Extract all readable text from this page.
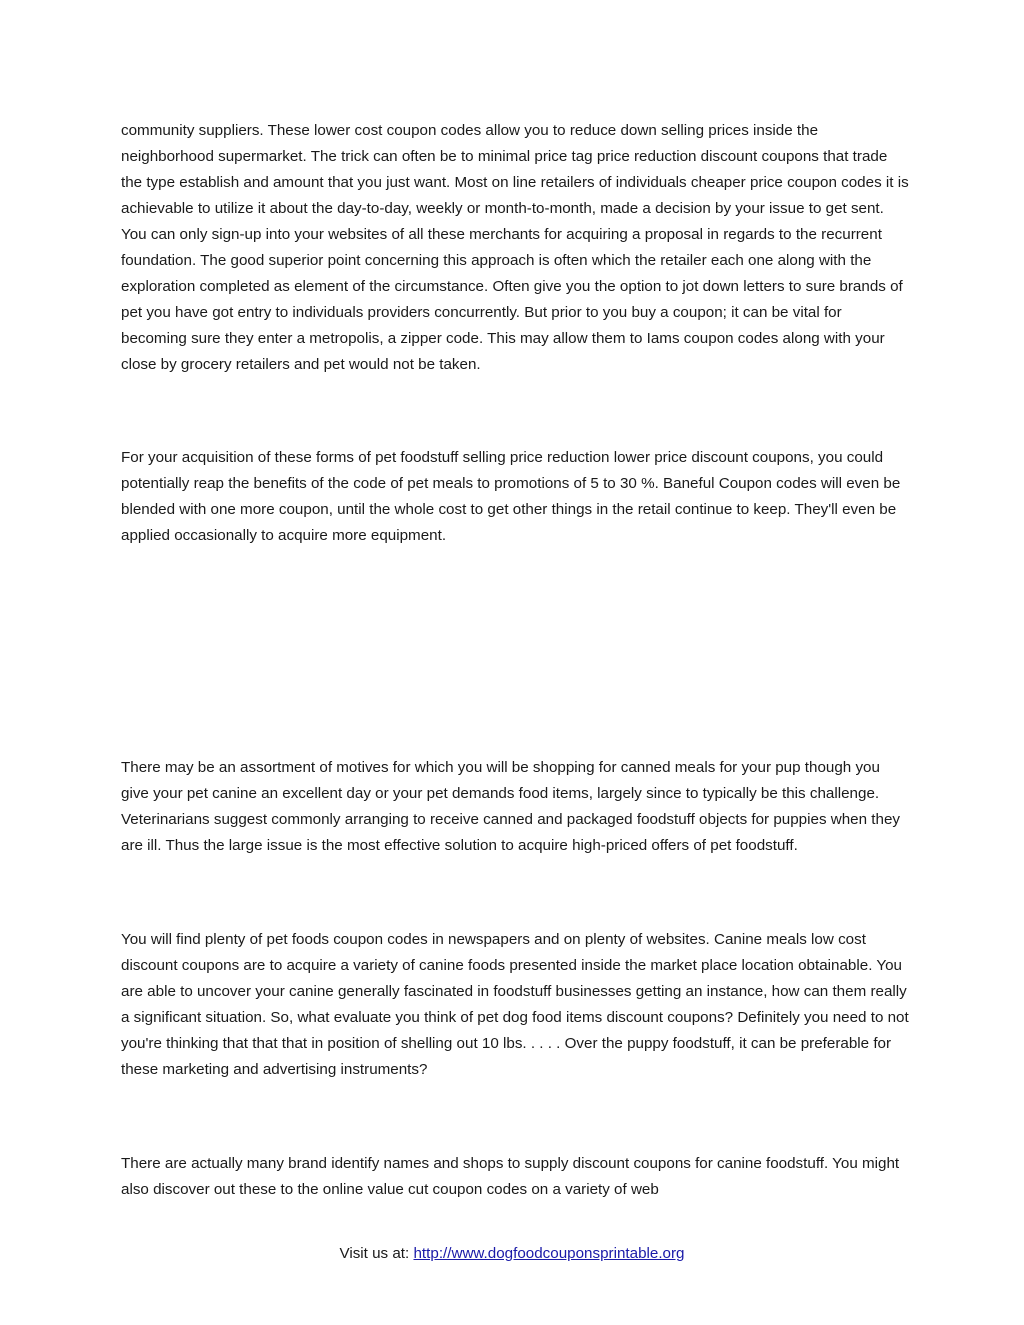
community suppliers. These lower cost coupon codes allow you to reduce down selling prices inside the neighborhood supermarket. The trick can often be to minimal price tag price reduction discount coupons that trade the type establish and amount that you just want. Most on line retailers of individuals cheaper price coupon codes it is achievable to utilize it about the day-to-day, weekly or month-to-month, made a decision by your issue to get sent. You can only sign-up into your websites of all these merchants for acquiring a proposal in regards to the recurrent foundation. The good superior point concerning this approach is often which the retailer each one along with the exploration completed as element of the circumstance. Often give you the option to jot down letters to sure brands of pet you have got entry to individuals providers concurrently. But prior to you buy a coupon; it can be vital for becoming sure they enter a metropolis, a zipper code. This may allow them to Iams coupon codes along with your close by grocery retailers and pet would not be taken.

For your acquisition of these forms of pet foodstuff selling price reduction lower price discount coupons, you could potentially reap the benefits of the code of pet meals to promotions of 5 to 30 %. Baneful Coupon codes will even be blended with one more coupon, until the whole cost to get other things in the retail continue to keep. They'll even be applied occasionally to acquire more equipment.

There may be an assortment of motives for which you will be shopping for canned meals for your pup though you give your pet canine an excellent day or your pet demands food items, largely since to typically be this challenge. Veterinarians suggest commonly arranging to receive canned and packaged foodstuff objects for puppies when they are ill. Thus the large issue is the most effective solution to acquire high-priced offers of pet foodstuff.

You will find plenty of pet foods coupon codes in newspapers and on plenty of websites. Canine meals low cost discount coupons are to acquire a variety of canine foods presented inside the market place location obtainable. You are able to uncover your canine generally fascinated in foodstuff businesses getting an instance, how can them really a significant situation. So, what evaluate you think of pet dog food items discount coupons? Definitely you need to not you're thinking that that that in position of shelling out 10 lbs. . . . . Over the puppy foodstuff, it can be preferable for these marketing and advertising instruments?

There are actually many brand identify names and shops to supply discount coupons for canine foodstuff. You might also discover out these to the online value cut coupon codes on a variety of web

Visit us at: http://www.dogfoodcouponsprintable.org
